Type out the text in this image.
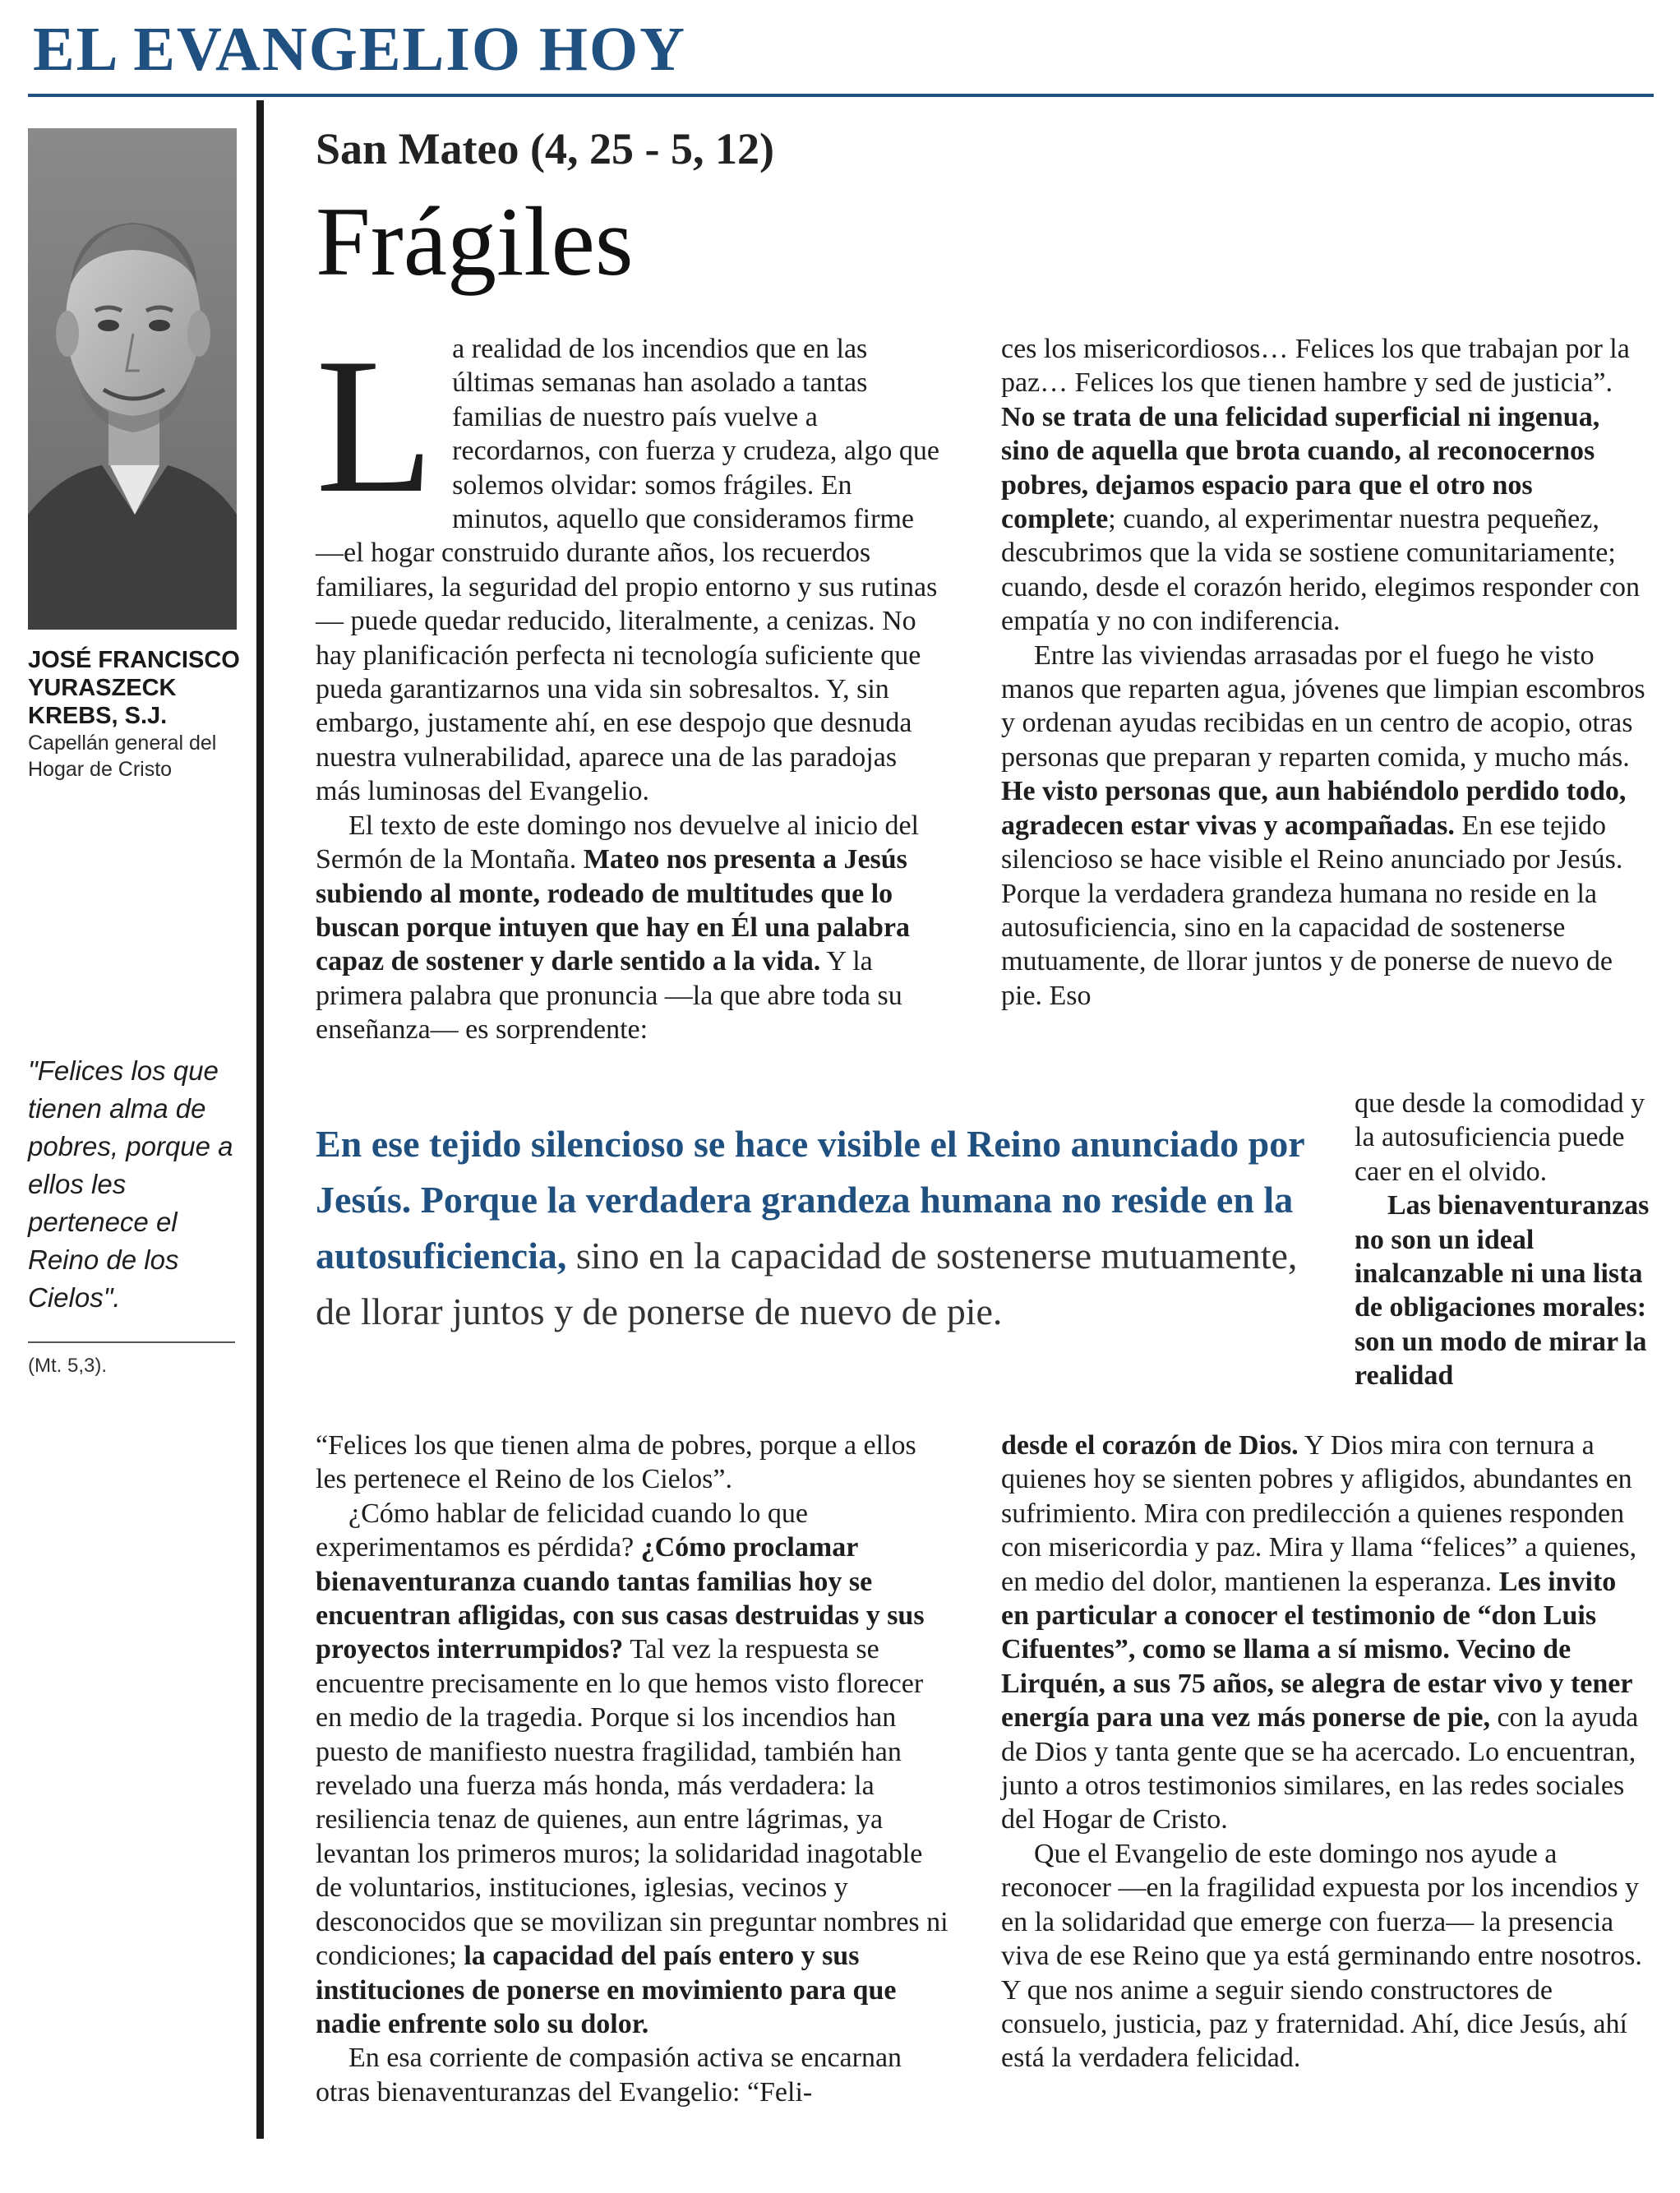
EL EVANGELIO HOY
JOSÉ FRANCISCO YURASZECK KREBS, S.J.
Capellán general del Hogar de Cristo
"Felices los que tienen alma de pobres, porque a ellos les pertenece el Reino de los Cielos".
(Mt. 5,3).
San Mateo (4, 25 - 5, 12)
Frágiles

La realidad de los incendios que en las últimas semanas han asolado a tantas familias de nuestro país vuelve a recordarnos, con fuerza y crudeza, algo que solemos olvidar: somos frágiles. En minutos, aquello que consideramos firme —el hogar construido durante años, los recuerdos familiares, la seguridad del propio entorno y sus rutinas— puede quedar reducido, literalmente, a cenizas. No hay planificación perfecta ni tecnología suficiente que pueda garantizarnos una vida sin sobresaltos. Y, sin embargo, justamente ahí, en ese despojo que desnuda nuestra vulnerabilidad, aparece una de las paradojas más luminosas del Evangelio.

El texto de este domingo nos devuelve al inicio del Sermón de la Montaña. Mateo nos presenta a Jesús subiendo al monte, rodeado de multitudes que lo buscan porque intuyen que hay en Él una palabra capaz de sostener y darle sentido a la vida. Y la primera palabra que pronuncia —la que abre toda su enseñanza— es sorprendente:

ces los misericordiosos… Felices los que trabajan por la paz… Felices los que tienen hambre y sed de justicia”. No se trata de una felicidad superficial ni ingenua, sino de aquella que brota cuando, al reconocernos pobres, dejamos espacio para que el otro nos complete; cuando, al experimentar nuestra pequeñez, descubrimos que la vida se sostiene comunitariamente; cuando, desde el corazón herido, elegimos responder con empatía y no con indiferencia.

Entre las viviendas arrasadas por el fuego he visto manos que reparten agua, jóvenes que limpian escombros y ordenan ayudas recibidas en un centro de acopio, otras personas que preparan y reparten comida, y mucho más. He visto personas que, aun habiéndolo perdido todo, agradecen estar vivas y acompañadas. En ese tejido silencioso se hace visible el Reino anunciado por Jesús. Porque la verdadera grandeza humana no reside en la autosuficiencia, sino en la capacidad de sostenerse mutuamente, de llorar juntos y de ponerse de nuevo de pie. Eso

En ese tejido silencioso se hace visible el Reino anunciado por Jesús. Porque la verdadera grandeza humana no reside en la autosuficiencia, sino en la capacidad de sostenerse mutuamente, de llorar juntos y de ponerse de nuevo de pie.

que desde la comodidad y la autosuficiencia puede caer en el olvido.

Las bienaventuranzas no son un ideal inalcanzable ni una lista de obligaciones morales: son un modo de mirar la realidad

“Felices los que tienen alma de pobres, porque a ellos les pertenece el Reino de los Cielos”.

¿Cómo hablar de felicidad cuando lo que experimentamos es pérdida? ¿Cómo proclamar bienaventuranza cuando tantas familias hoy se encuentran afligidas, con sus casas destruidas y sus proyectos interrumpidos? Tal vez la respuesta se encuentre precisamente en lo que hemos visto florecer en medio de la tragedia. Porque si los incendios han puesto de manifiesto nuestra fragilidad, también han revelado una fuerza más honda, más verdadera: la resiliencia tenaz de quienes, aun entre lágrimas, ya levantan los primeros muros; la solidaridad inagotable de voluntarios, instituciones, iglesias, vecinos y desconocidos que se movilizan sin preguntar nombres ni condiciones; la capacidad del país entero y sus instituciones de ponerse en movimiento para que nadie enfrente solo su dolor.

En esa corriente de compasión activa se encarnan otras bienaventuranzas del Evangelio: “Feli-

desde el corazón de Dios. Y Dios mira con ternura a quienes hoy se sienten pobres y afligidos, abundantes en sufrimiento. Mira con predilección a quienes responden con misericordia y paz. Mira y llama “felices” a quienes, en medio del dolor, mantienen la esperanza. Les invito en particular a conocer el testimonio de “don Luis Cifuentes”, como se llama a sí mismo. Vecino de Lirquén, a sus 75 años, se alegra de estar vivo y tener energía para una vez más ponerse de pie, con la ayuda de Dios y tanta gente que se ha acercado. Lo encuentran, junto a otros testimonios similares, en las redes sociales del Hogar de Cristo.

Que el Evangelio de este domingo nos ayude a reconocer —en la fragilidad expuesta por los incendios y en la solidaridad que emerge con fuerza— la presencia viva de ese Reino que ya está germinando entre nosotros. Y que nos anime a seguir siendo constructores de consuelo, justicia, paz y fraternidad. Ahí, dice Jesús, ahí está la verdadera felicidad.
